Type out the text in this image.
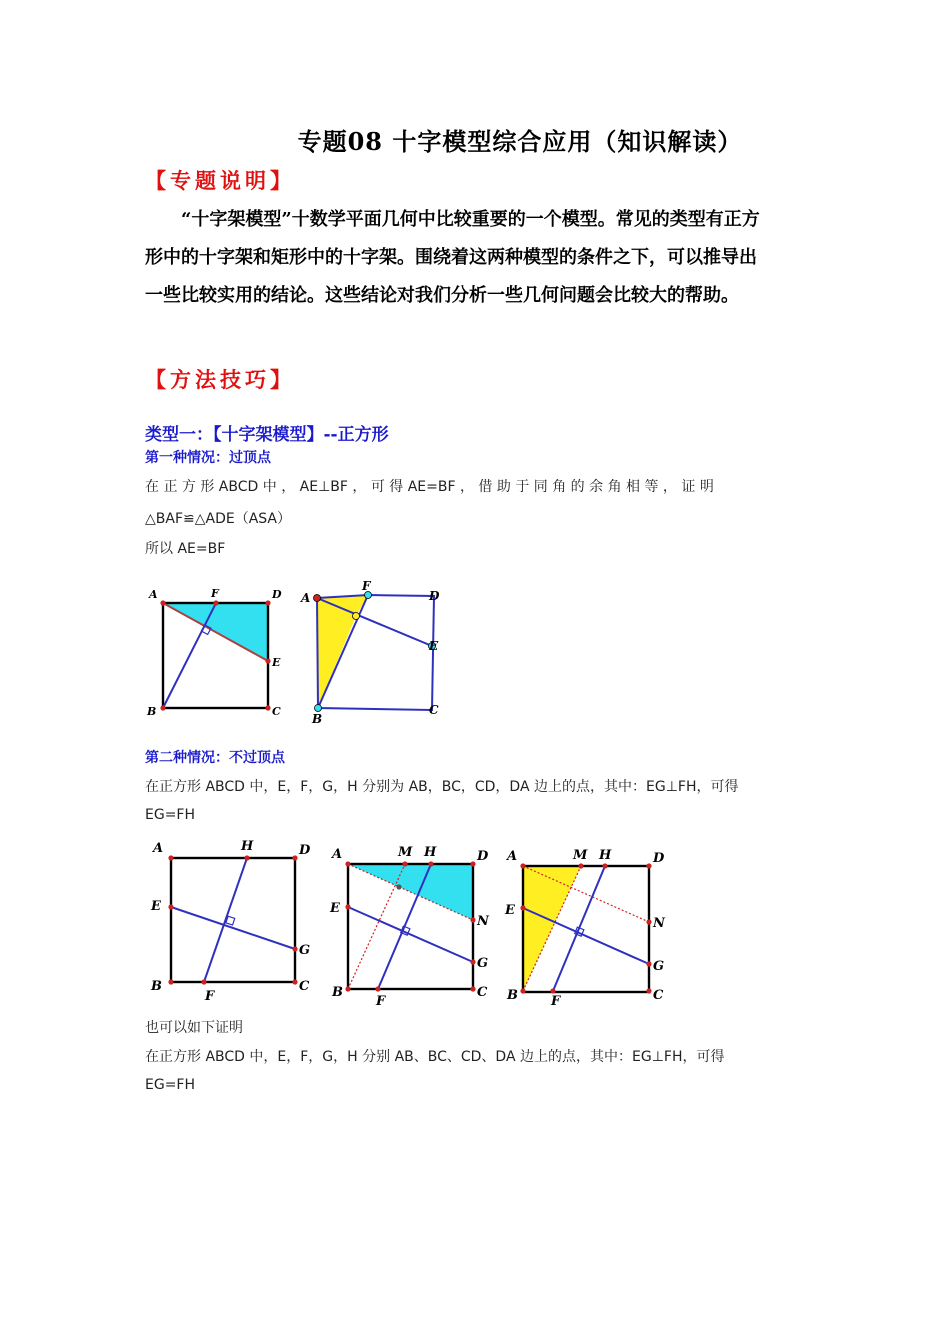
专题08 十字模型综合应用（知识解读）
【专题说明】
“十字架模型”十数学平面几何中比较重要的一个模型。常见的类型有正方
形中的十字架和矩形中的十字架。围绕着这两种模型的条件之下，可以推导出
一些比较实用的结论。这些结论对我们分析一些几何问题会比较大的帮助。
【方法技巧】
类型一：【十字架模型】--正方形
第一种情况：过顶点
在 正 方 形 ABCD 中 ， AE⊥BF ， 可 得 AE=BF ， 借 助 于 同 角 的 余 角 相 等 ， 证 明
△BAF≌△ADE（ASA）
所以 AE=BF
A	F	D
E
B	C
A
F
D
E
B
C
第二种情况：不过顶点
在正方形 ABCD 中，E，F，G，H 分别为 AB，BC，CD，DA 边上的点，其中：EG⊥FH，可得
EG=FH
A	H	D
E
G
B
F
C
A	M H	D
E
N
G
B
F
C
A	M H	D
E
N
G
B	F	C
也可以如下证明
在正方形 ABCD 中，E，F，G，H 分别 AB、BC、CD、DA 边上的点，其中：EG⊥FH，可得
EG=FH
